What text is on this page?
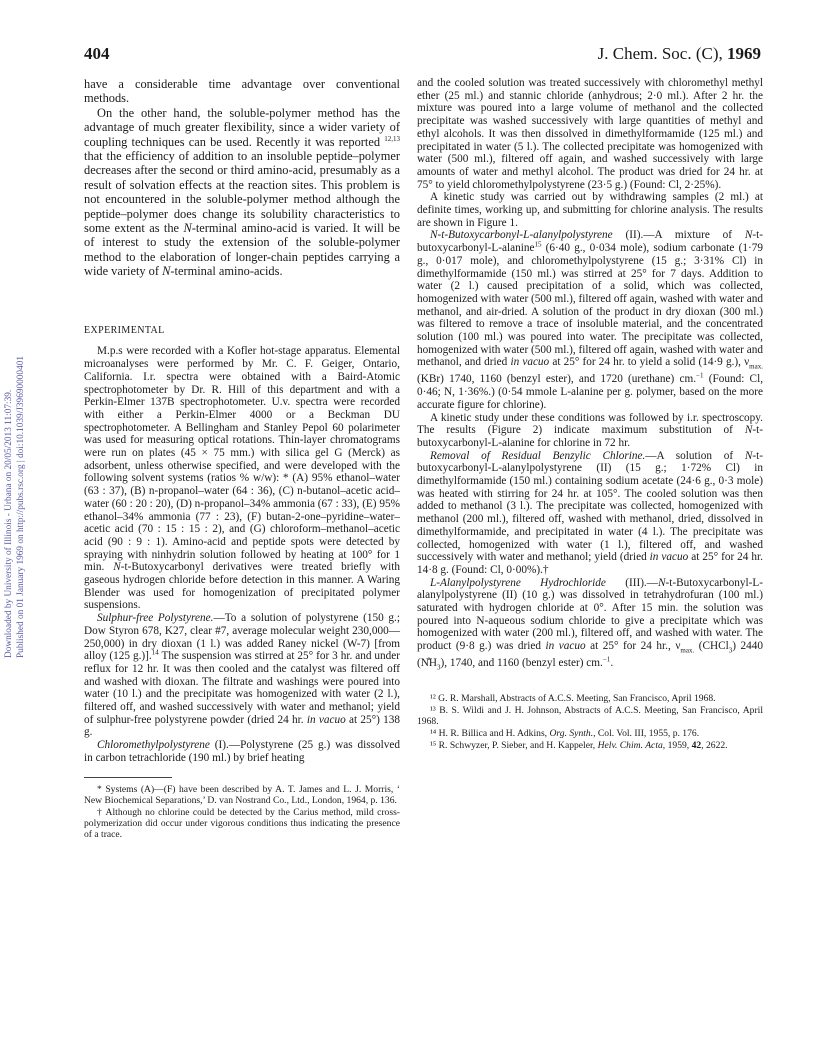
Downloaded by University of Illinois - Urbana on 20/05/2013 11:07:39. Published on 01 January 1969 on http://pubs.rsc.org | doi:10.1039/J39690000401
404	J. Chem. Soc. (C), 1969

have a considerable time advantage over conventional methods.

On the other hand, the soluble-polymer method has the advantage of much greater flexibility, since a wider variety of coupling techniques can be used. Recently it was reported $^{12,13}$ that the efficiency of addition to an insoluble peptide–polymer decreases after the second or third amino-acid, presumably as a result of solvation effects at the reaction sites. This problem is not encountered in the soluble-polymer method although the peptide–polymer does change its solubility characteristics to some extent as the N-terminal amino-acid is varied. It will be of interest to study the extension of the soluble-polymer method to the elaboration of longer-chain peptides carrying a wide variety of N-terminal amino-acids.

EXPERIMENTAL

M.p.s were recorded with a Kofler hot-stage apparatus. Elemental microanalyses were performed by Mr. C. F. Geiger, Ontario, California. I.r. spectra were obtained with a Baird-Atomic spectrophotometer by Dr. R. Hill of this department and with a Perkin-Elmer 137B spectrophotometer. U.v. spectra were recorded with either a Perkin-Elmer 4000 or a Beckman DU spectrophotometer. A Bellingham and Stanley Pepol 60 polarimeter was used for measuring optical rotations. Thin-layer chromatograms were run on plates (45 × 75 mm.) with silica gel G (Merck) as adsorbent, unless otherwise specified, and were developed with the following solvent systems (ratios % w/w): * (A) 95% ethanol–water (63 : 37), (B) n-propanol–water (64 : 36), (C) n-butanol–acetic acid–water (60 : 20 : 20), (D) n-propanol–34% ammonia (67 : 33), (E) 95% ethanol–34% ammonia (77 : 23), (F) butan-2-one–pyridine–water–acetic acid (70 : 15 : 15 : 2), and (G) chloroform–methanol–acetic acid (90 : 9 : 1). Amino-acid and peptide spots were detected by spraying with ninhydrin solution followed by heating at 100° for 1 min. N-t-Butoxycarbonyl derivatives were treated briefly with gaseous hydrogen chloride before detection in this manner. A Waring Blender was used for homogenization of precipitated polymer suspensions.

Sulphur-free Polystyrene.—To a solution of polystyrene (150 g.; Dow Styron 678, K27, clear #7, average molecular weight 230,000—250,000) in dry dioxan (1 l.) was added Raney nickel (W-7) [from alloy (125 g.)].$^{14}$ The suspension was stirred at 25° for 3 hr. and under reflux for 12 hr. It was then cooled and the catalyst was filtered off and washed with dioxan. The filtrate and washings were poured into water (10 l.) and the precipitate was homogenized with water (2 l.), filtered off, and washed successively with water and methanol; yield of sulphur-free polystyrene powder (dried 24 hr. in vacuo at 25°) 138 g.

Chloromethylpolystyrene (I).—Polystyrene (25 g.) was dissolved in carbon tetrachloride (190 ml.) by brief heating

* Systems (A)—(F) have been described by A. T. James and L. J. Morris, ‘ New Biochemical Separations,’ D. van Nostrand Co., Ltd., London, 1964, p. 136.

† Although no chlorine could be detected by the Carius method, mild cross-polymerization did occur under vigorous conditions thus indicating the presence of a trace.

and the cooled solution was treated successively with chloromethyl methyl ether (25 ml.) and stannic chloride (anhydrous; 2·0 ml.). After 2 hr. the mixture was poured into a large volume of methanol and the collected precipitate was washed successively with large quantities of methyl and ethyl alcohols. It was then dissolved in dimethylformamide (125 ml.) and precipitated in water (5 l.). The collected precipitate was homogenized with water (500 ml.), filtered off again, and washed successively with large amounts of water and methyl alcohol. The product was dried for 24 hr. at 75° to yield chloromethylpolystyrene (23·5 g.) (Found: Cl, 2·25%).

A kinetic study was carried out by withdrawing samples (2 ml.) at definite times, working up, and submitting for chlorine analysis. The results are shown in Figure 1.

N-t-Butoxycarbonyl-L-alanylpolystyrene (II).—A mixture of N-t-butoxycarbonyl-L-alanine$^{15}$ (6·40 g., 0·034 mole), sodium carbonate (1·79 g., 0·017 mole), and chloromethylpolystyrene (15 g.; 3·31% Cl) in dimethylformamide (150 ml.) was stirred at 25° for 7 days. Addition to water (2 l.) caused precipitation of a solid, which was collected, homogenized with water (500 ml.), filtered off again, washed with water and methanol, and air-dried. A solution of the product in dry dioxan (300 ml.) was filtered to remove a trace of insoluble material, and the concentrated solution (100 ml.) was poured into water. The precipitate was collected, homogenized with water (500 ml.), filtered off again, washed with water and methanol, and dried in vacuo at 25° for 24 hr. to yield a solid (14·9 g.), $\nu_{max.}$ (KBr) 1740, 1160 (benzyl ester), and 1720 (urethane) cm.$^{-1}$ (Found: Cl, 0·46; N, 1·36%.) (0·54 mmole L-alanine per g. polymer, based on the more accurate figure for chlorine).

A kinetic study under these conditions was followed by i.r. spectroscopy. The results (Figure 2) indicate maximum substitution of N-t-butoxycarbonyl-L-alanine for chlorine in 72 hr.

Removal of Residual Benzylic Chlorine.—A solution of N-t-butoxycarbonyl-L-alanylpolystyrene (II) (15 g.; 1·72% Cl) in dimethylformamide (150 ml.) containing sodium acetate (24·6 g., 0·3 mole) was heated with stirring for 24 hr. at 105°. The cooled solution was then added to methanol (3 l.). The precipitate was collected, homogenized with methanol (200 ml.), filtered off, washed with methanol, dried, dissolved in dimethylformamide, and precipitated in water (4 l.). The precipitate was collected, homogenized with water (1 l.), filtered off, and washed successively with water and methanol; yield (dried in vacuo at 25° for 24 hr. 14·8 g. (Found: Cl, 0·00%).†

L-Alanylpolystyrene Hydrochloride (III).—N-t-Butoxycarbonyl-L-alanylpolystyrene (II) (10 g.) was dissolved in tetrahydrofuran (100 ml.) saturated with hydrogen chloride at 0°. After 15 min. the solution was poured into N-aqueous sodium chloride to give a precipitate which was homogenized with water (200 ml.), filtered off, and washed with water. The product (9·8 g.) was dried in vacuo at 25° for 24 hr., $\nu_{max.}$ (CHCl$_3$) 2440 $(N̊H_3)$, 1740, and 1160 (benzyl ester) cm.$^{-1}$.

¹² G. R. Marshall, Abstracts of A.C.S. Meeting, San Francisco, April 1968.

¹³ B. S. Wildi and J. H. Johnson, Abstracts of A.C.S. Meeting, San Francisco, April 1968.

¹⁴ H. R. Billica and H. Adkins, Org. Synth., Col. Vol. III, 1955, p. 176.

¹⁵ R. Schwyzer, P. Sieber, and H. Kappeler, Helv. Chim. Acta, 1959, 42, 2622.
